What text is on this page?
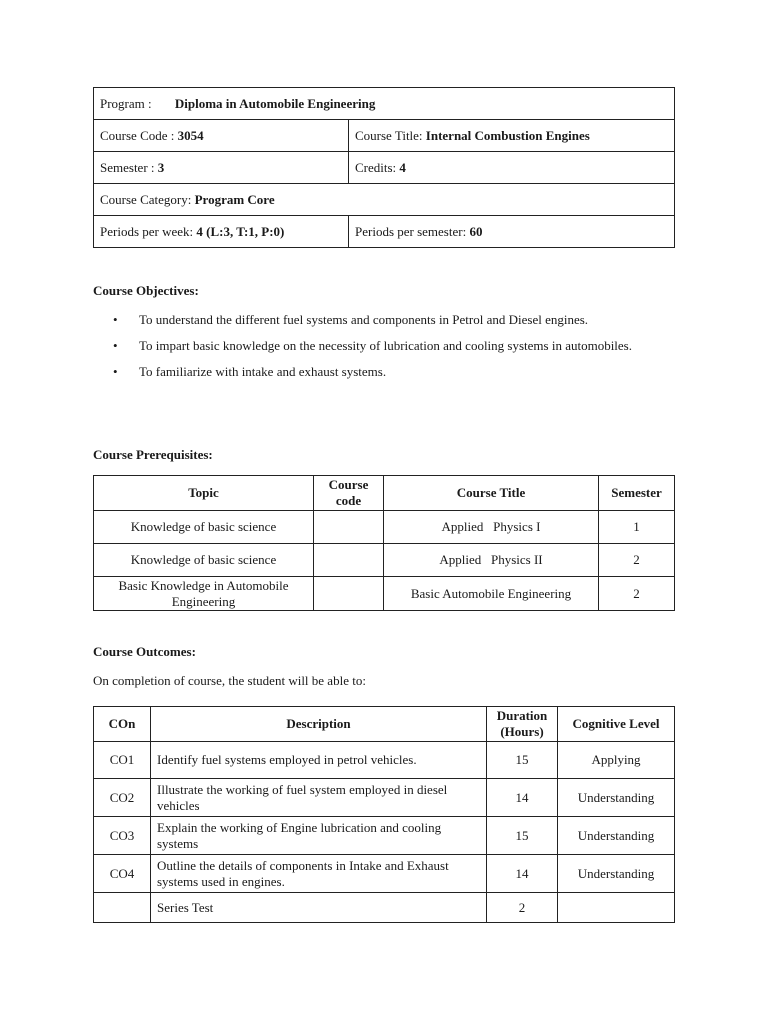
Program : Diploma in Automobile Engineering	
Course Code : 3054	Course Title: Internal Combustion Engines
Semester : 3	Credits: 4
Course Category: Program Core	
Periods per week: 4 (L:3, T:1, P:0)	Periods per semester: 60
Course Objectives:
• To understand the different fuel systems and components in Petrol and Diesel engines.
• To impart basic knowledge on the necessity of lubrication and cooling systems in automobiles.
• To familiarize with intake and exhaust systems.
Course Prerequisites:
Topic	Course code	Course Title	Semester
Knowledge of basic science		Applied   Physics I	1
Knowledge of basic science		Applied   Physics II	2
Basic Knowledge in Automobile Engineering		Basic Automobile Engineering	2
Course Outcomes:
On completion of course, the student will be able to:
COn	Description	Duration (Hours)	Cognitive Level
CO1	Identify fuel systems employed in petrol vehicles.	15	Applying
CO2	Illustrate the working of fuel system employed in diesel vehicles	14	Understanding
CO3	Explain the working of Engine lubrication and cooling systems	15	Understanding
CO4	Outline the details of components in Intake and Exhaust systems used in engines.	14	Understanding
	Series Test	2	
